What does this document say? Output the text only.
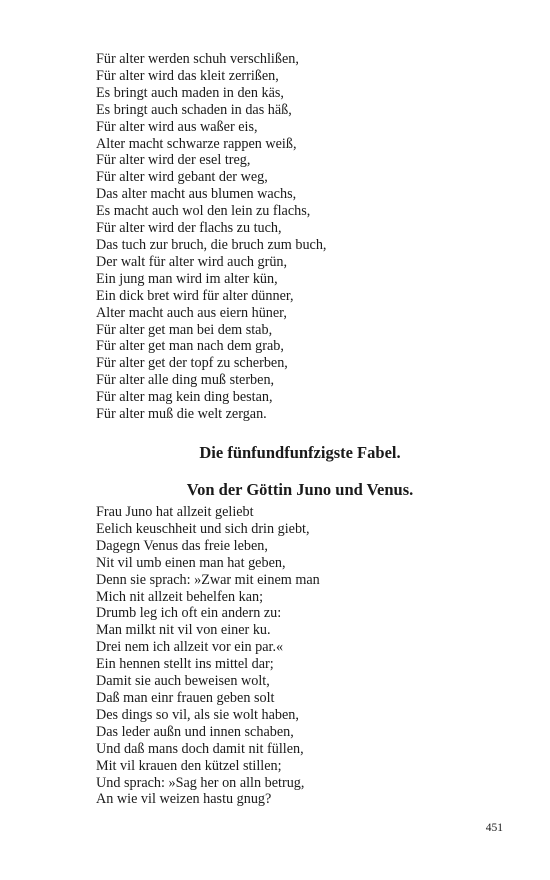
Für alter werden schuh verschlißen,
Für alter wird das kleit zerrißen,
Es bringt auch maden in den käs,
Es bringt auch schaden in das häß,
Für alter wird aus waßer eis,
Alter macht schwarze rappen weiß,
Für alter wird der esel treg,
Für alter wird gebant der weg,
Das alter macht aus blumen wachs,
Es macht auch wol den lein zu flachs,
Für alter wird der flachs zu tuch,
Das tuch zur bruch, die bruch zum buch,
Der walt für alter wird auch grün,
Ein jung man wird im alter kün,
Ein dick bret wird für alter dünner,
Alter macht auch aus eiern hüner,
Für alter get man bei dem stab,
Für alter get man nach dem grab,
Für alter get der topf zu scherben,
Für alter alle ding muß sterben,
Für alter mag kein ding bestan,
Für alter muß die welt zergan.
Die fünfundfunfzigste Fabel.
Von der Göttin Juno und Venus.
Frau Juno hat allzeit geliebt
Eelich keuschheit und sich drin giebt,
Dagegn Venus das freie leben,
Nit vil umb einen man hat geben,
Denn sie sprach: »Zwar mit einem man
Mich nit allzeit behelfen kan;
Drumb leg ich oft ein andern zu:
Man milkt nit vil von einer ku.
Drei nem ich allzeit vor ein par.«
Ein hennen stellt ins mittel dar;
Damit sie auch beweisen wolt,
Daß man einr frauen geben solt
Des dings so vil, als sie wolt haben,
Das leder außn und innen schaben,
Und daß mans doch damit nit füllen,
Mit vil krauen den kützel stillen;
Und sprach: »Sag her on alln betrug,
An wie vil weizen hastu gnug?
451
